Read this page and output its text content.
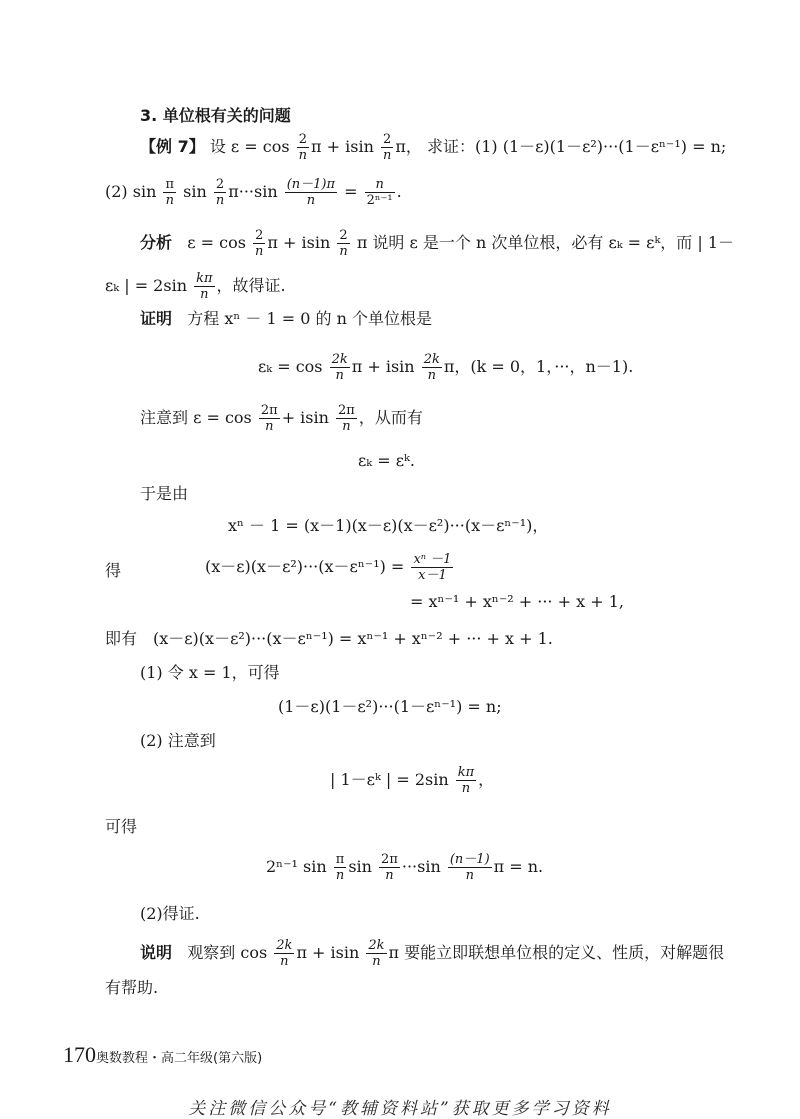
3. 单位根有关的问题
【例 7】 设 $\varepsilon = \cos \frac{2}{n}$ π + isin $\frac{2}{n}$ π， 求证：(1) (1－ε)(1－ε²)···(1－εⁿ⁻¹) = n;
(2) $\sin \frac{\pi}{n}$ $\sin \frac{2}{n} \pi\cdot\cdot\cdot\sin \frac{(n-1)\pi}{n} = \frac{n}{\text{2ⁿ⁻¹}}$ .
分析 $\varepsilon = \cos \frac{2}{n}$ π + isin $\frac{2}{n}$ π 说明 ε 是一个 n 次单位根，必有 εₖ = εᵏ，而 | 1－
εₖ | = $2\sin \frac{k\pi}{n}$ ，故得证.
证明 方程 xⁿ － 1 = 0 的 n 个单位根是
$\varepsilon_k = \cos \frac{2k}{n}$ π + isin $\frac{2k}{n}$ π，(k = 0，1，···，n－1).
注意到 $\varepsilon = \cos \frac{2\pi}{n} + isin \frac{2\pi}{n}$ ，从而有
εₖ = εᵏ.
于是由
xⁿ － 1 = (x－1)(x－ε)(x－ε²)···(x－εⁿ⁻¹)，
得	$(x-\varepsilon)(x-\varepsilon^2)\cdot\cdot\cdot(x-\varepsilon^{n-1}) = \frac{\text{xⁿ －1}}{x-1}$
= xⁿ⁻¹ + xⁿ⁻² + ··· + x + 1,
即有　(x－ε)(x－ε²)···(x－εⁿ⁻¹) = xⁿ⁻¹ + xⁿ⁻² + ··· + x + 1.
(1) 令 x = 1，可得
(1－ε)(1－ε²)···(1－εⁿ⁻¹) = n;
(2) 注意到
| 1－εᵏ | = $2\sin \frac{k\pi}{n}$ ，
可得
2ⁿ⁻¹ $\sin \frac{\pi}{n}$ $\sin \frac{2\pi}{n} \cdot\cdot\cdot\sin \frac{(n-1)}{n}$ π = n.
(2)得证.
说明 观察到 $\cos \frac{2k}{n}$ π + isin $\frac{2k}{n}$ π 要能立即联想单位根的定义、性质，对解题很
有帮助.
170 奥数教程・高二年级(第六版)
关注微信公众号“教辅资料站”获取更多学习资料
